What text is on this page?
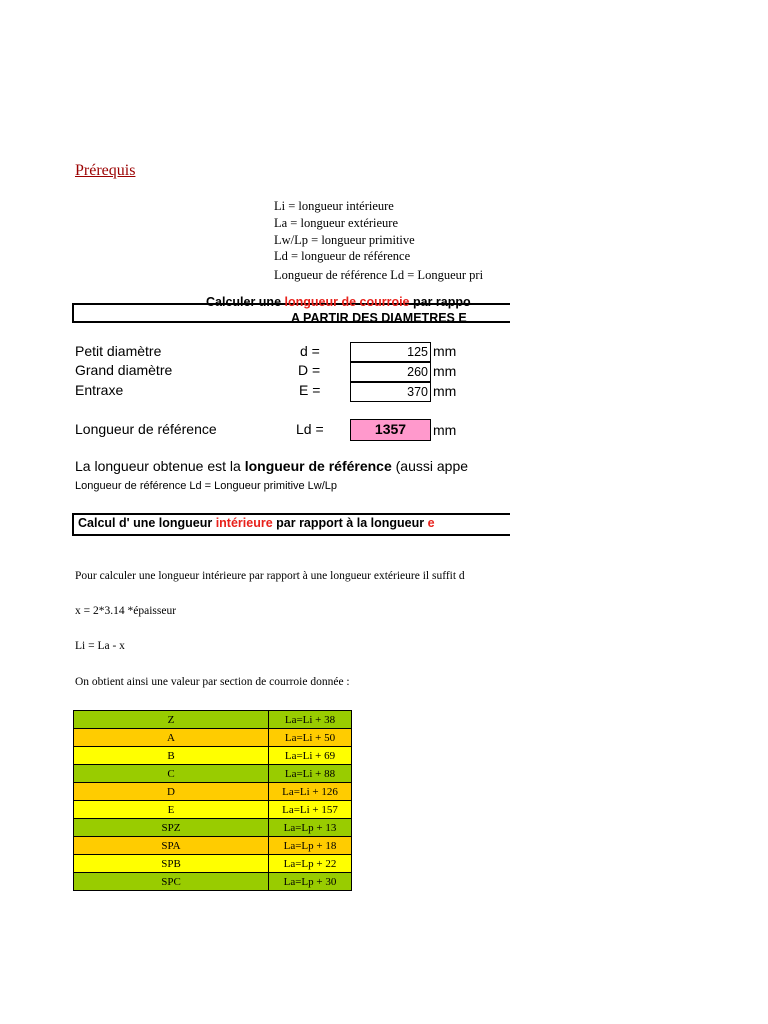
Prérequis
Li = longueur intérieure
La = longueur extérieure
Lw/Lp = longueur primitive
Ld = longueur de référence
Longueur de référence Ld = Longueur pri
Calculer une longueur de courroie par rappo
A PARTIR DES DIAMETRES E
Petit diamètre	d =	125 mm
Grand diamètre	D =	260 mm
Entraxe	E =	370 mm
Longueur de référence	Ld =	1357	mm
La longueur obtenue est la longueur de référence (aussi appe
Longueur de référence Ld = Longueur primitive Lw/Lp
Calcul d' une longueur intérieure par rapport à la longueur e
Pour calculer une longueur intérieure par rapport à une longueur extérieure il suffit d
x = 2*3.14 *épaisseur
Li = La - x
On obtient ainsi une valeur par section de courroie donnée :
Z	La=Li + 38
A	La=Li + 50
B	La=Li + 69
C	La=Li + 88
D	La=Li + 126
E	La=Li + 157
SPZ	La=Lp + 13
SPA	La=Lp + 18
SPB	La=Lp + 22
SPC	La=Lp + 30
